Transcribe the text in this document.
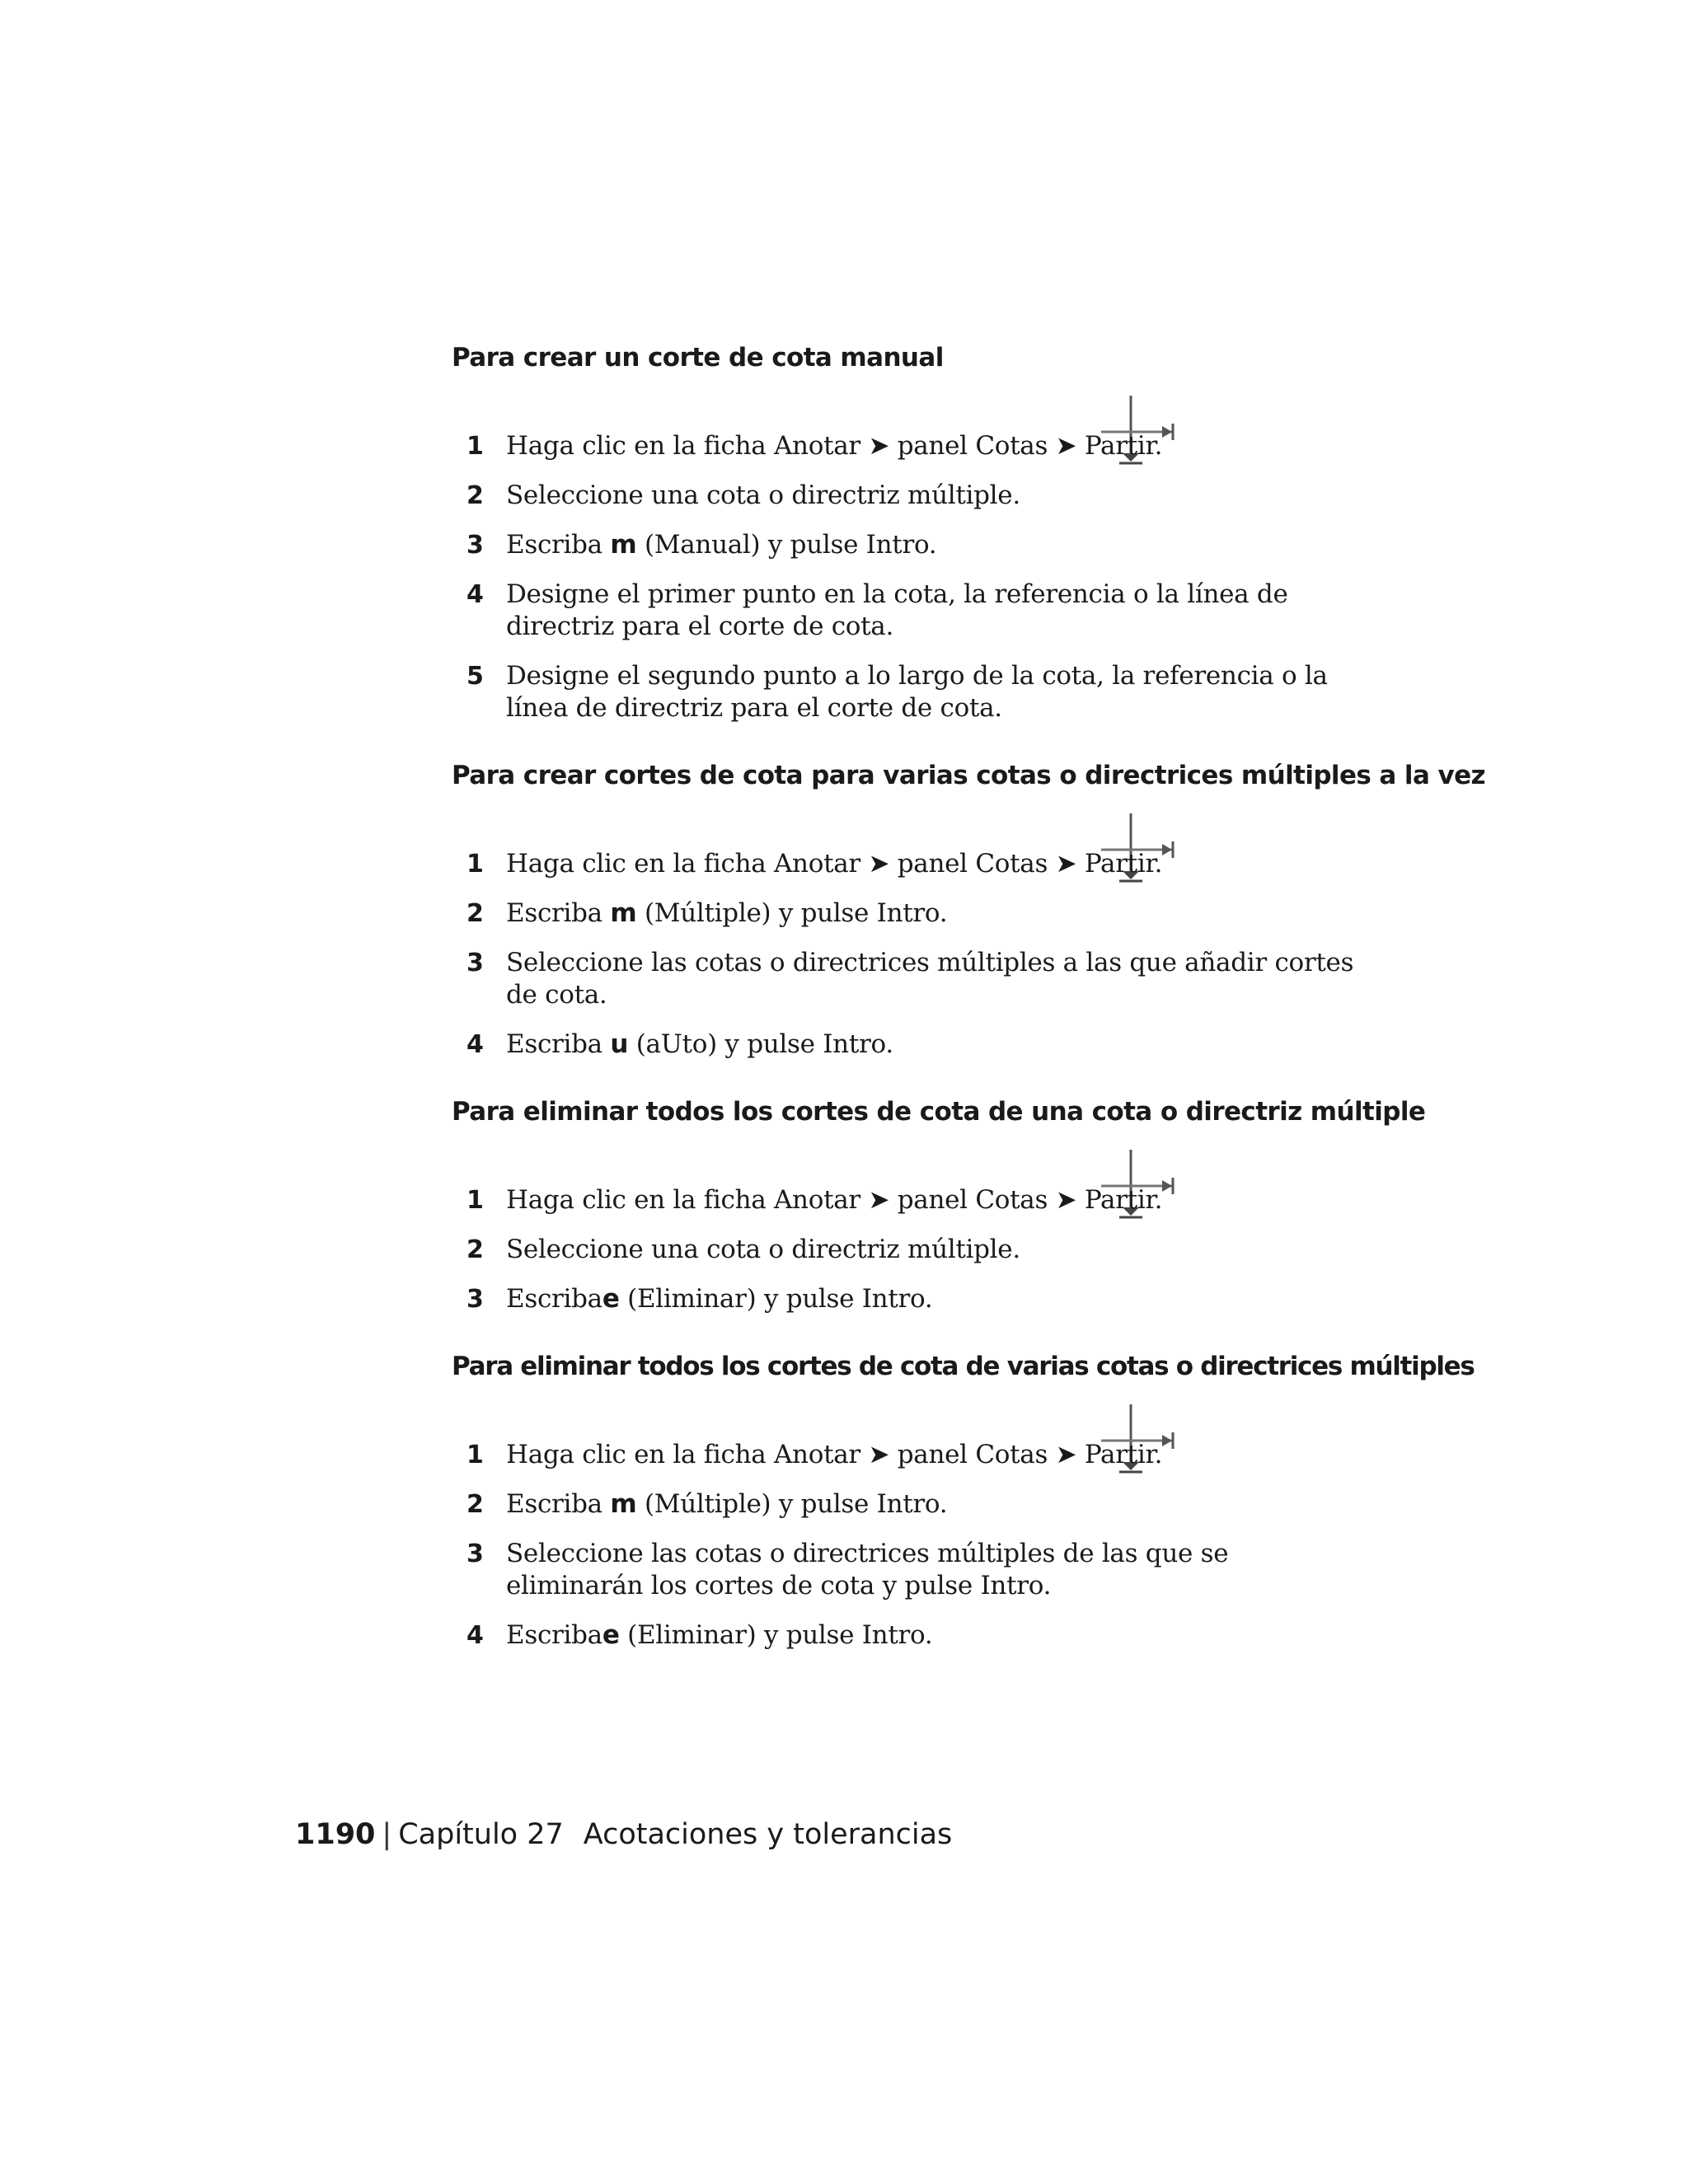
Para crear un corte de cota manual
1 Haga clic en la ficha Anotar ➤ panel Cotas ➤ Partir.
2 Seleccione una cota o directriz múltiple.
3 Escriba m (Manual) y pulse Intro.
4 Designe el primer punto en la cota, la referencia o la línea de directriz para el corte de cota.
5 Designe el segundo punto a lo largo de la cota, la referencia o la línea de directriz para el corte de cota.
Para crear cortes de cota para varias cotas o directrices múltiples a la vez
1 Haga clic en la ficha Anotar ➤ panel Cotas ➤ Partir.
2 Escriba m (Múltiple) y pulse Intro.
3 Seleccione las cotas o directrices múltiples a las que añadir cortes de cota.
4 Escriba u (aUto) y pulse Intro.
Para eliminar todos los cortes de cota de una cota o directriz múltiple
1 Haga clic en la ficha Anotar ➤ panel Cotas ➤ Partir.
2 Seleccione una cota o directriz múltiple.
3 Escribae (Eliminar) y pulse Intro.
Para eliminar todos los cortes de cota de varias cotas o directrices múltiples
1 Haga clic en la ficha Anotar ➤ panel Cotas ➤ Partir.
2 Escriba m (Múltiple) y pulse Intro.
3 Seleccione las cotas o directrices múltiples de las que se eliminarán los cortes de cota y pulse Intro.
4 Escribae (Eliminar) y pulse Intro.
1190 | Capítulo 27 Acotaciones y tolerancias
